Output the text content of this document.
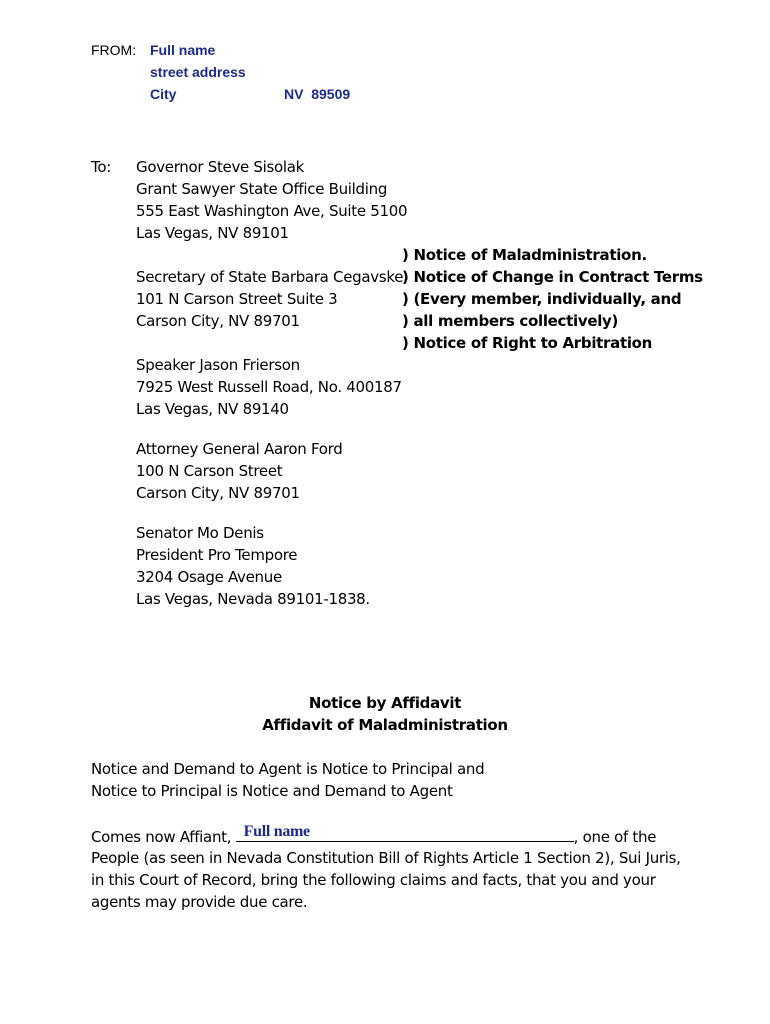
FROM: Full name
street address
City	NV  89509
To: Governor Steve Sisolak
Grant Sawyer State Office Building
555 East Washington Ave, Suite 5100
Las Vegas, NV 89101
Secretary of State Barbara Cegavske
101 N Carson Street Suite 3
Carson City, NV 89701
) Notice of Maladministration.
) Notice of Change in Contract Terms
) (Every member, individually, and
) all members collectively)
) Notice of Right to Arbitration
Speaker Jason Frierson
7925 West Russell Road, No. 400187
Las Vegas, NV 89140
Attorney General Aaron Ford
100 N Carson Street
Carson City, NV 89701
Senator Mo Denis
President Pro Tempore
3204 Osage Avenue
Las Vegas, Nevada 89101-1838.
Notice by Affidavit
Affidavit of Maladministration
Notice and Demand to Agent is Notice to Principal and
Notice to Principal is Notice and Demand to Agent
Comes now Affiant, Full name	, one of the
People (as seen in Nevada Constitution Bill of Rights Article 1 Section 2), Sui Juris,
in this Court of Record, bring the following claims and facts, that you and your
agents may provide due care.
